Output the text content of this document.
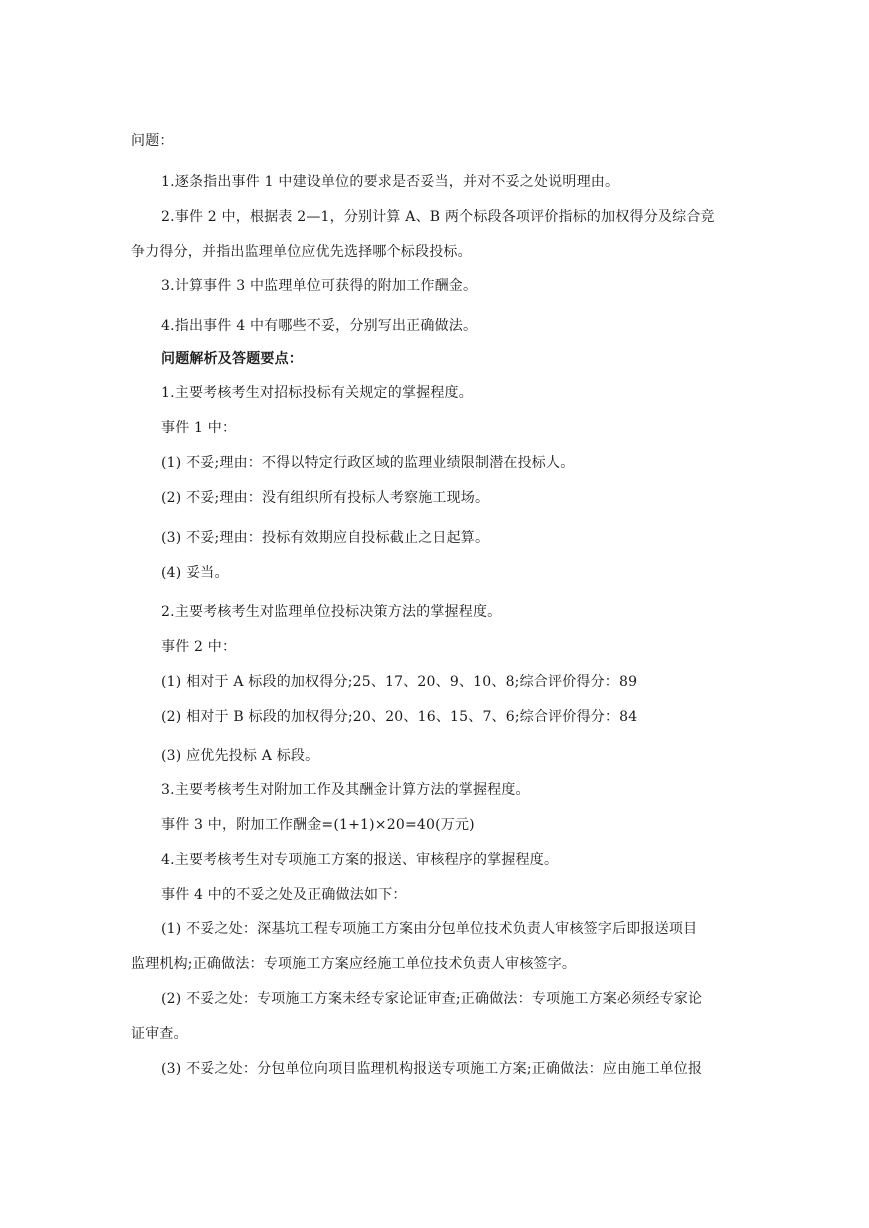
问题：
1.逐条指出事件 1 中建设单位的要求是否妥当，并对不妥之处说明理由。
2.事件 2 中，根据表 2—1，分别计算 A、B 两个标段各项评价指标的加权得分及综合竞
争力得分，并指出监理单位应优先选择哪个标段投标。
3.计算事件 3 中监理单位可获得的附加工作酬金。
4.指出事件 4 中有哪些不妥，分别写出正确做法。
问题解析及答题要点：
1.主要考核考生对招标投标有关规定的掌握程度。
事件 1 中：
(1) 不妥;理由：不得以特定行政区域的监理业绩限制潜在投标人。
(2) 不妥;理由：没有组织所有投标人考察施工现场。
(3) 不妥;理由：投标有效期应自投标截止之日起算。
(4) 妥当。
2.主要考核考生对监理单位投标决策方法的掌握程度。
事件 2 中：
(1) 相对于 A 标段的加权得分;25、17、20、9、10、8;综合评价得分：89
(2) 相对于 B 标段的加权得分;20、20、16、15、7、6;综合评价得分：84
(3) 应优先投标 A 标段。
3.主要考核考生对附加工作及其酬金计算方法的掌握程度。
事件 3 中，附加工作酬金=(1+1)×20=40(万元)
4.主要考核考生对专项施工方案的报送、审核程序的掌握程度。
事件 4 中的不妥之处及正确做法如下：
(1) 不妥之处：深基坑工程专项施工方案由分包单位技术负责人审核签字后即报送项目
监理机构;正确做法：专项施工方案应经施工单位技术负责人审核签字。
(2) 不妥之处：专项施工方案未经专家论证审查;正确做法：专项施工方案必须经专家论
证审查。
(3) 不妥之处：分包单位向项目监理机构报送专项施工方案;正确做法：应由施工单位报
